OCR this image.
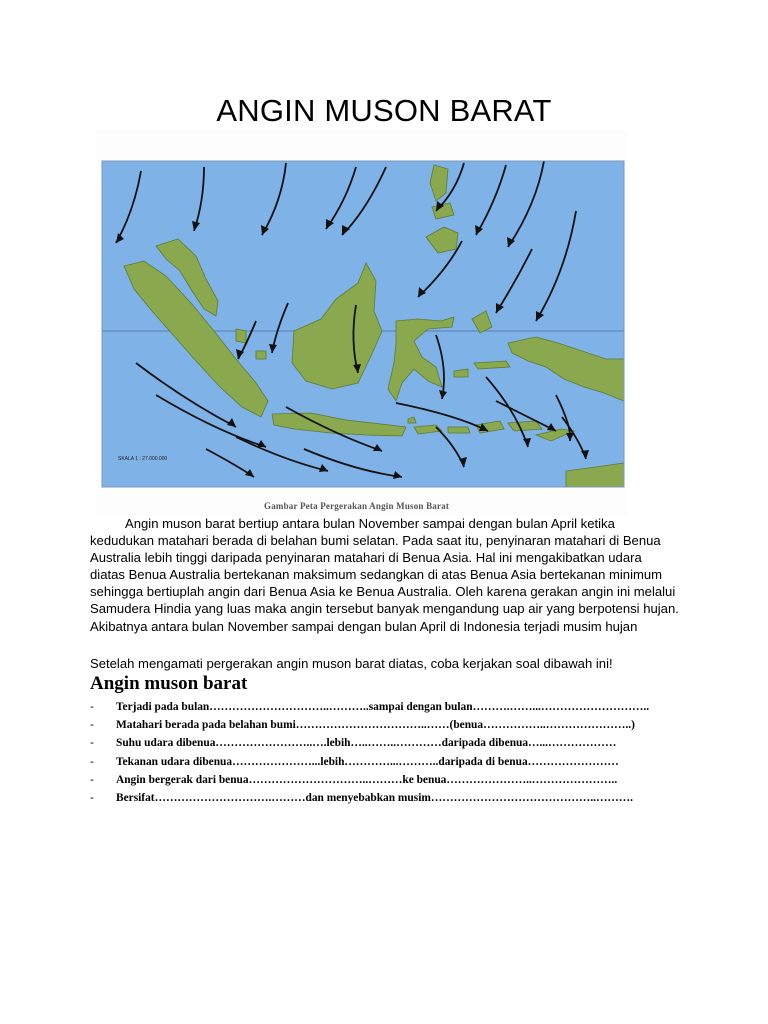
ANGIN MUSON BARAT
SKALA 1 : 27.000.000
Gambar Peta Pergerakan Angin Muson Barat

Angin muson barat bertiup antara bulan November sampai dengan bulan April ketika kedudukan matahari berada di belahan bumi selatan. Pada saat itu, penyinaran matahari di Benua Australia lebih tinggi daripada penyinaran matahari di Benua Asia. Hal ini mengakibatkan udara diatas Benua Australia bertekanan maksimum sedangkan di atas Benua Asia bertekanan minimum sehingga bertiuplah angin dari Benua Asia ke Benua Australia. Oleh karena gerakan angin ini melalui Samudera Hindia yang luas maka angin tersebut banyak mengandung uap air yang berpotensi hujan. Akibatnya antara bulan November sampai dengan bulan April di Indonesia terjadi musim hujan

Setelah mengamati pergerakan angin muson barat diatas, coba kerjakan soal dibawah ini!
Angin muson barat
-	Terjadi pada bulan…………………………..………..sampai dengan bulan……….……...………………………..
-	Matahari berada pada belahan bumi……………………………..……(benua……………..…………………..)
-	Suhu udara dibenua……………………..….lebih…..……..…………daripada dibenua…...………………
-	Tekanan udara dibenua…………………...lebih…………...………..daripada di benua……………………
-	Angin bergerak dari benua…………………………..………ke benua…………………..…………………..
-	Bersifat………………………….………dan menyebabkan musim……………………………………..……….
